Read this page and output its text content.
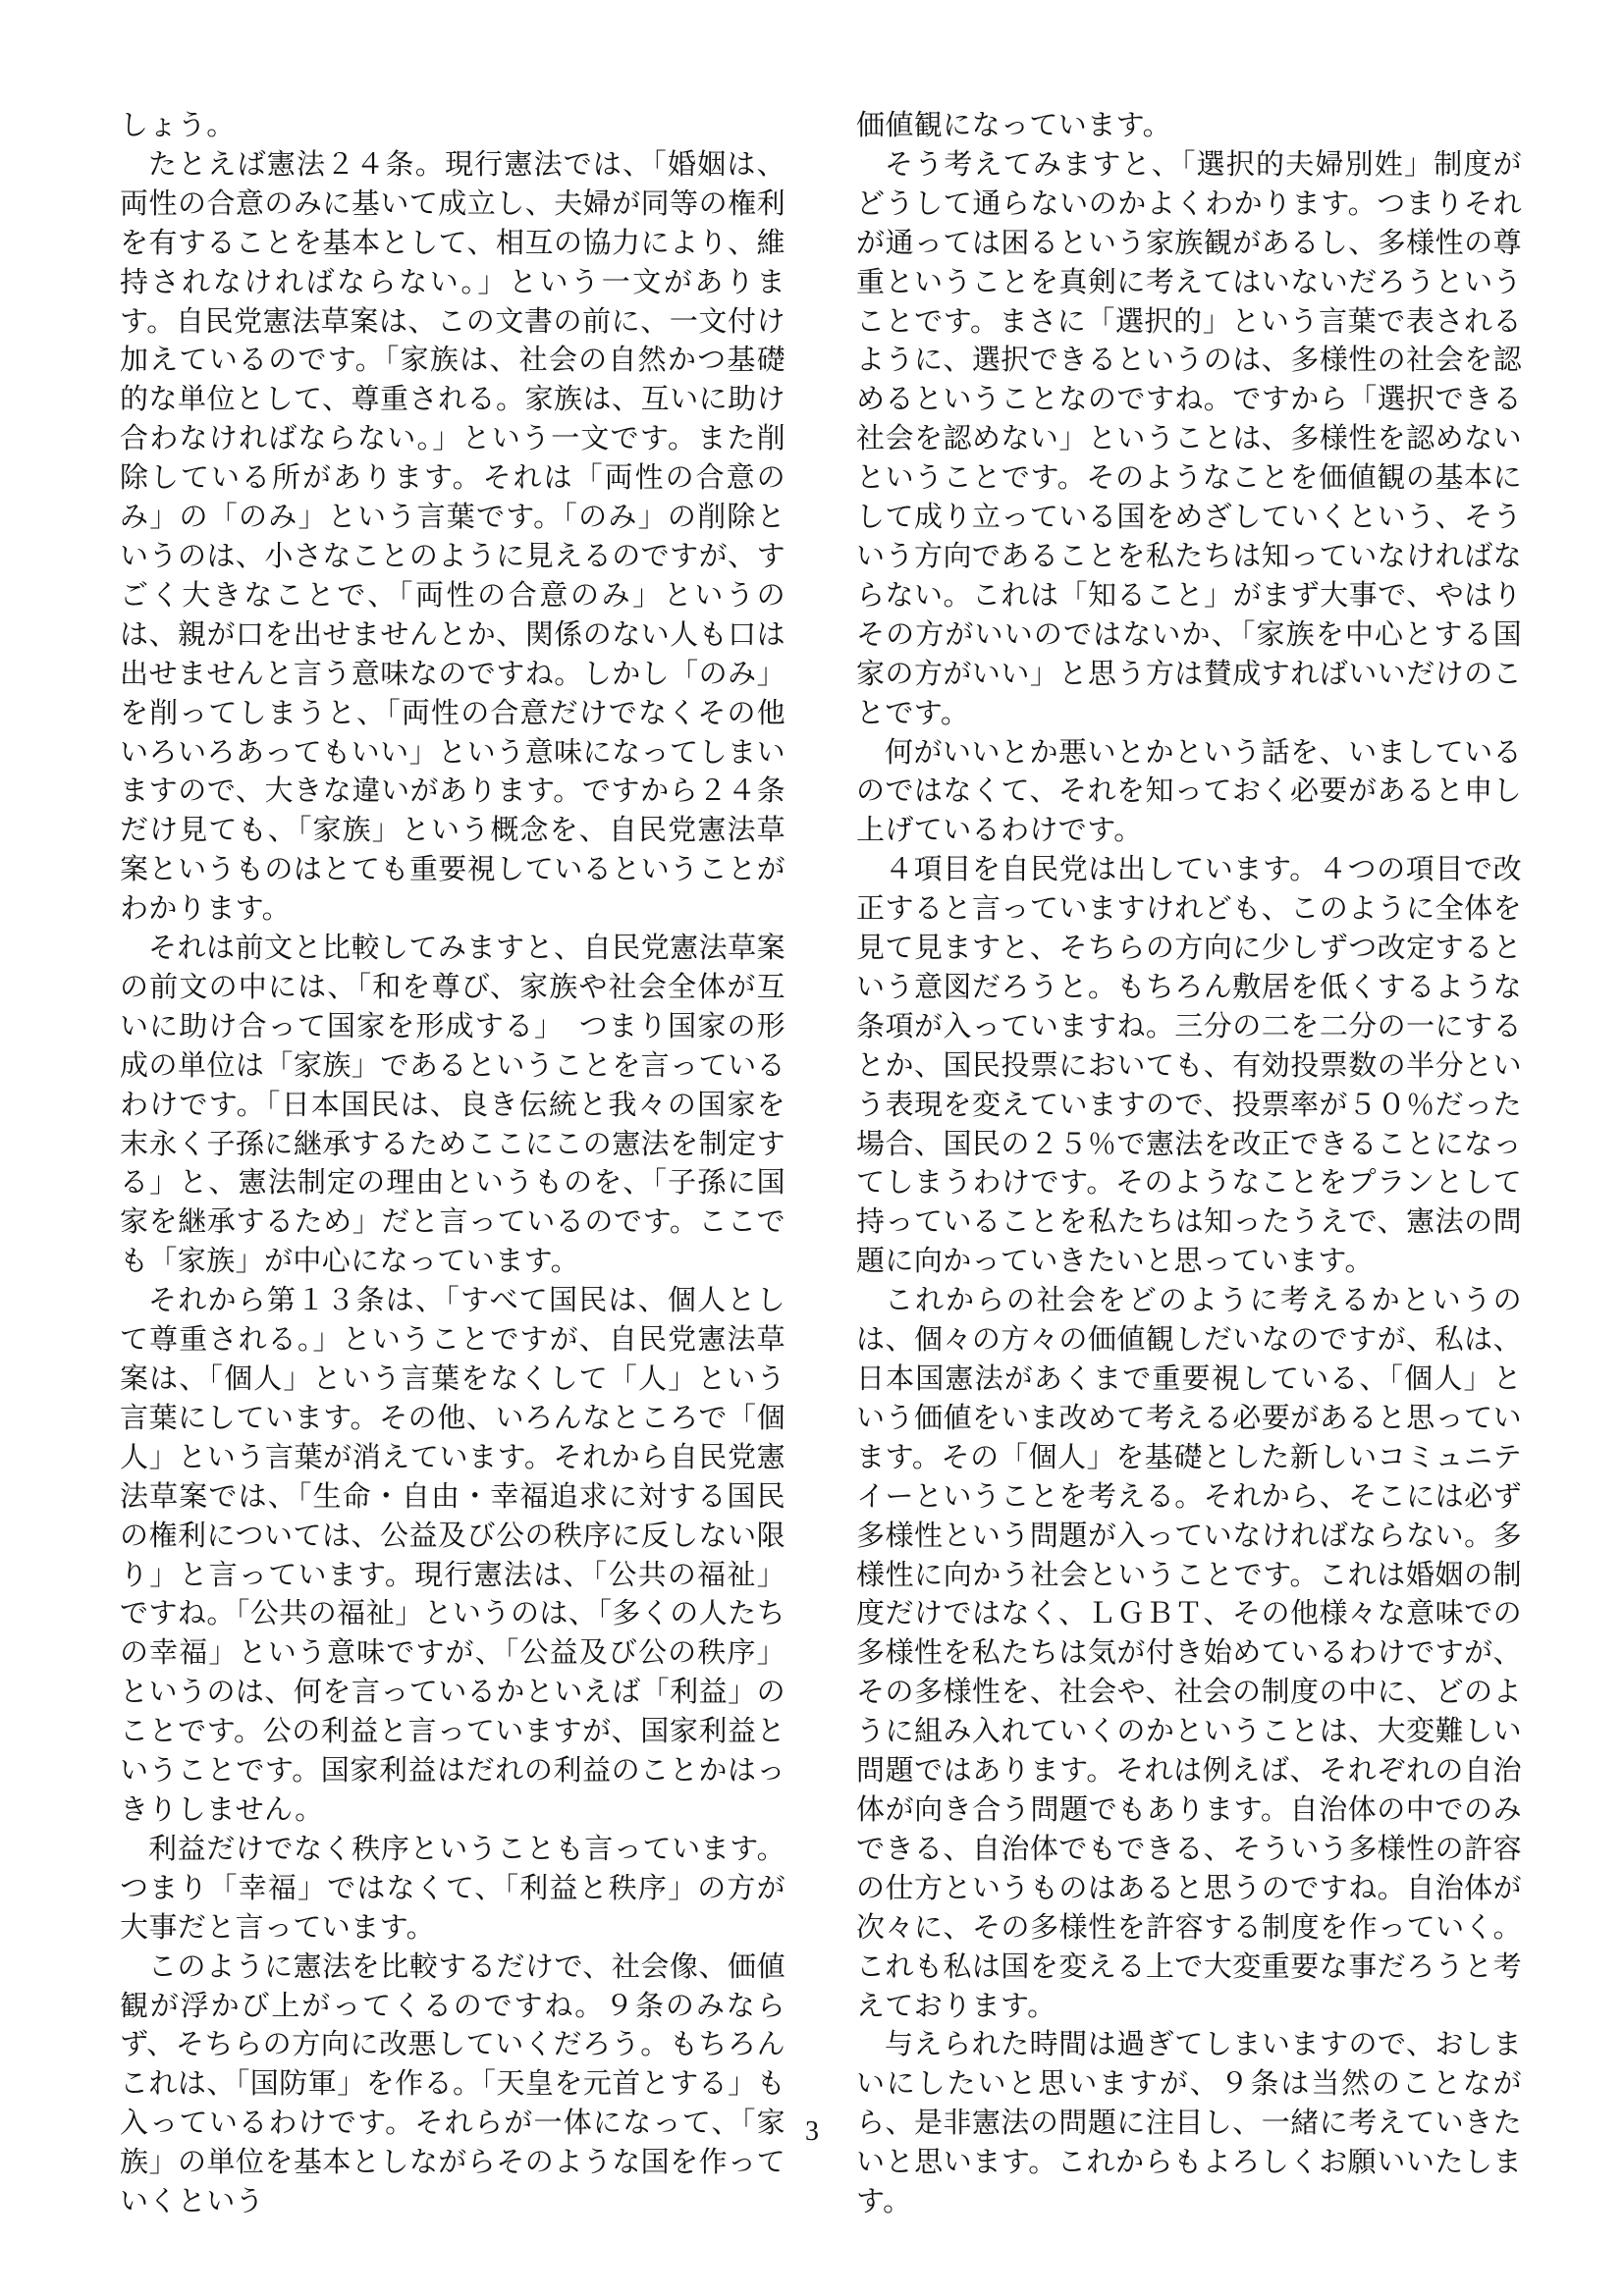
しょう。

たとえば憲法２４条。現行憲法では、「婚姻は、両性の合意のみに基いて成立し、夫婦が同等の権利を有することを基本として、相互の協力により、維持されなければならない。」という一文があります。自民党憲法草案は、この文書の前に、一文付け加えているのです。「家族は、社会の自然かつ基礎的な単位として、尊重される。家族は、互いに助け合わなければならない。」という一文です。また削除している所があります。それは「両性の合意のみ」の「のみ」という言葉です。「のみ」の削除というのは、小さなことのように見えるのですが、すごく大きなことで、「両性の合意のみ」というのは、親が口を出せませんとか、関係のない人も口は出せませんと言う意味なのですね。しかし「のみ」を削ってしまうと、「両性の合意だけでなくその他いろいろあってもいい」という意味になってしまいますので、大きな違いがあります。ですから２４条だけ見ても、「家族」という概念を、自民党憲法草案というものはとても重要視しているということがわかります。

それは前文と比較してみますと、自民党憲法草案の前文の中には、「和を尊び、家族や社会全体が互いに助け合って国家を形成する」　つまり国家の形成の単位は「家族」であるということを言っているわけです。「日本国民は、良き伝統と我々の国家を末永く子孫に継承するためここにこの憲法を制定する」と、憲法制定の理由というものを、「子孫に国家を継承するため」だと言っているのです。ここでも「家族」が中心になっています。

それから第１３条は、「すべて国民は、個人として尊重される。」ということですが、自民党憲法草案は、「個人」という言葉をなくして「人」という言葉にしています。その他、いろんなところで「個人」という言葉が消えています。それから自民党憲法草案では、「生命・自由・幸福追求に対する国民の権利については、公益及び公の秩序に反しない限り」と言っています。現行憲法は、「公共の福祉」ですね。「公共の福祉」というのは、「多くの人たちの幸福」という意味ですが、「公益及び公の秩序」というのは、何を言っているかといえば「利益」のことです。公の利益と言っていますが、国家利益ということです。国家利益はだれの利益のことかはっきりしません。

利益だけでなく秩序ということも言っています。つまり「幸福」ではなくて、「利益と秩序」の方が大事だと言っています。

このように憲法を比較するだけで、社会像、価値観が浮かび上がってくるのですね。９条のみならず、そちらの方向に改悪していくだろう。もちろんこれは、「国防軍」を作る。「天皇を元首とする」も入っているわけです。それらが一体になって、「家族」の単位を基本としながらそのような国を作っていくという

価値観になっています。

そう考えてみますと、「選択的夫婦別姓」制度がどうして通らないのかよくわかります。つまりそれが通っては困るという家族観があるし、多様性の尊重ということを真剣に考えてはいないだろうということです。まさに「選択的」という言葉で表されるように、選択できるというのは、多様性の社会を認めるということなのですね。ですから「選択できる社会を認めない」ということは、多様性を認めないということです。そのようなことを価値観の基本にして成り立っている国をめざしていくという、そういう方向であることを私たちは知っていなければならない。これは「知ること」がまず大事で、やはりその方がいいのではないか、「家族を中心とする国家の方がいい」と思う方は賛成すればいいだけのことです。

何がいいとか悪いとかという話を、いましているのではなくて、それを知っておく必要があると申し上げているわけです。

４項目を自民党は出しています。４つの項目で改正すると言っていますけれども、このように全体を見て見ますと、そちらの方向に少しずつ改定するという意図だろうと。もちろん敷居を低くするような条項が入っていますね。三分の二を二分の一にするとか、国民投票においても、有効投票数の半分という表現を変えていますので、投票率が５０％だった場合、国民の２５％で憲法を改正できることになってしまうわけです。そのようなことをプランとして持っていることを私たちは知ったうえで、憲法の問題に向かっていきたいと思っています。

これからの社会をどのように考えるかというのは、個々の方々の価値観しだいなのですが、私は、日本国憲法があくまで重要視している、「個人」という価値をいま改めて考える必要があると思っています。その「個人」を基礎とした新しいコミュニテイーということを考える。それから、そこには必ず多様性という問題が入っていなければならない。多様性に向かう社会ということです。これは婚姻の制度だけではなく、ＬＧＢＴ、その他様々な意味での多様性を私たちは気が付き始めているわけですが、その多様性を、社会や、社会の制度の中に、どのように組み入れていくのかということは、大変難しい問題ではあります。それは例えば、それぞれの自治体が向き合う問題でもあります。自治体の中でのみできる、自治体でもできる、そういう多様性の許容の仕方というものはあると思うのですね。自治体が次々に、その多様性を許容する制度を作っていく。これも私は国を変える上で大変重要な事だろうと考えております。

与えられた時間は過ぎてしまいますので、おしまいにしたいと思いますが、９条は当然のことながら、是非憲法の問題に注目し、一緒に考えていきたいと思います。これからもよろしくお願いいたします。

3
